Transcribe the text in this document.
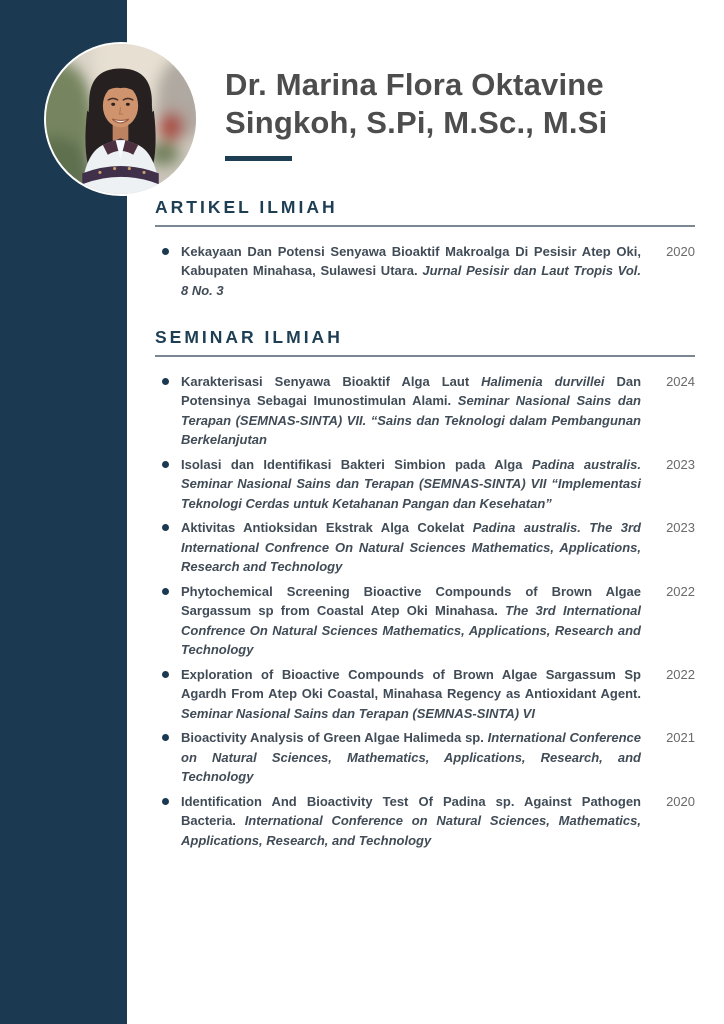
Dr. Marina Flora Oktavine
Singkoh, S.Pi, M.Sc., M.Si
ARTIKEL ILMIAH

Kekayaan Dan Potensi Senyawa Bioaktif Makroalga Di Pesisir Atep Oki, Kabupaten Minahasa, Sulawesi Utara. Jurnal Pesisir dan Laut Tropis Vol. 8 No. 3

2020
SEMINAR ILMIAH

Karakterisasi Senyawa Bioaktif Alga Laut Halimenia durvillei Dan Potensinya Sebagai Imunostimulan Alami. Seminar Nasional Sains dan Terapan (SEMNAS-SINTA) VII. “Sains dan Teknologi dalam Pembangunan Berkelanjutan

2024

Isolasi dan Identifikasi Bakteri Simbion pada Alga Padina australis. Seminar Nasional Sains dan Terapan (SEMNAS-SINTA) VII “Implementasi Teknologi Cerdas untuk Ketahanan Pangan dan Kesehatan”

2023

Aktivitas Antioksidan Ekstrak Alga Cokelat Padina australis. The 3rd International Confrence On Natural Sciences Mathematics, Applications, Research and Technology

2023

Phytochemical Screening Bioactive Compounds of Brown Algae Sargassum sp from Coastal Atep Oki Minahasa. The 3rd International Confrence On Natural Sciences Mathematics, Applications, Research and Technology

2022

Exploration of Bioactive Compounds of Brown Algae Sargassum Sp Agardh From Atep Oki Coastal, Minahasa Regency as Antioxidant Agent. Seminar Nasional Sains dan Terapan (SEMNAS-SINTA) VI

2022

Bioactivity Analysis of Green Algae Halimeda sp. International Conference on Natural Sciences, Mathematics, Applications, Research, and Technology

2021

Identification And Bioactivity Test Of Padina sp. Against Pathogen Bacteria. International Conference on Natural Sciences, Mathematics, Applications, Research, and Technology

2020
